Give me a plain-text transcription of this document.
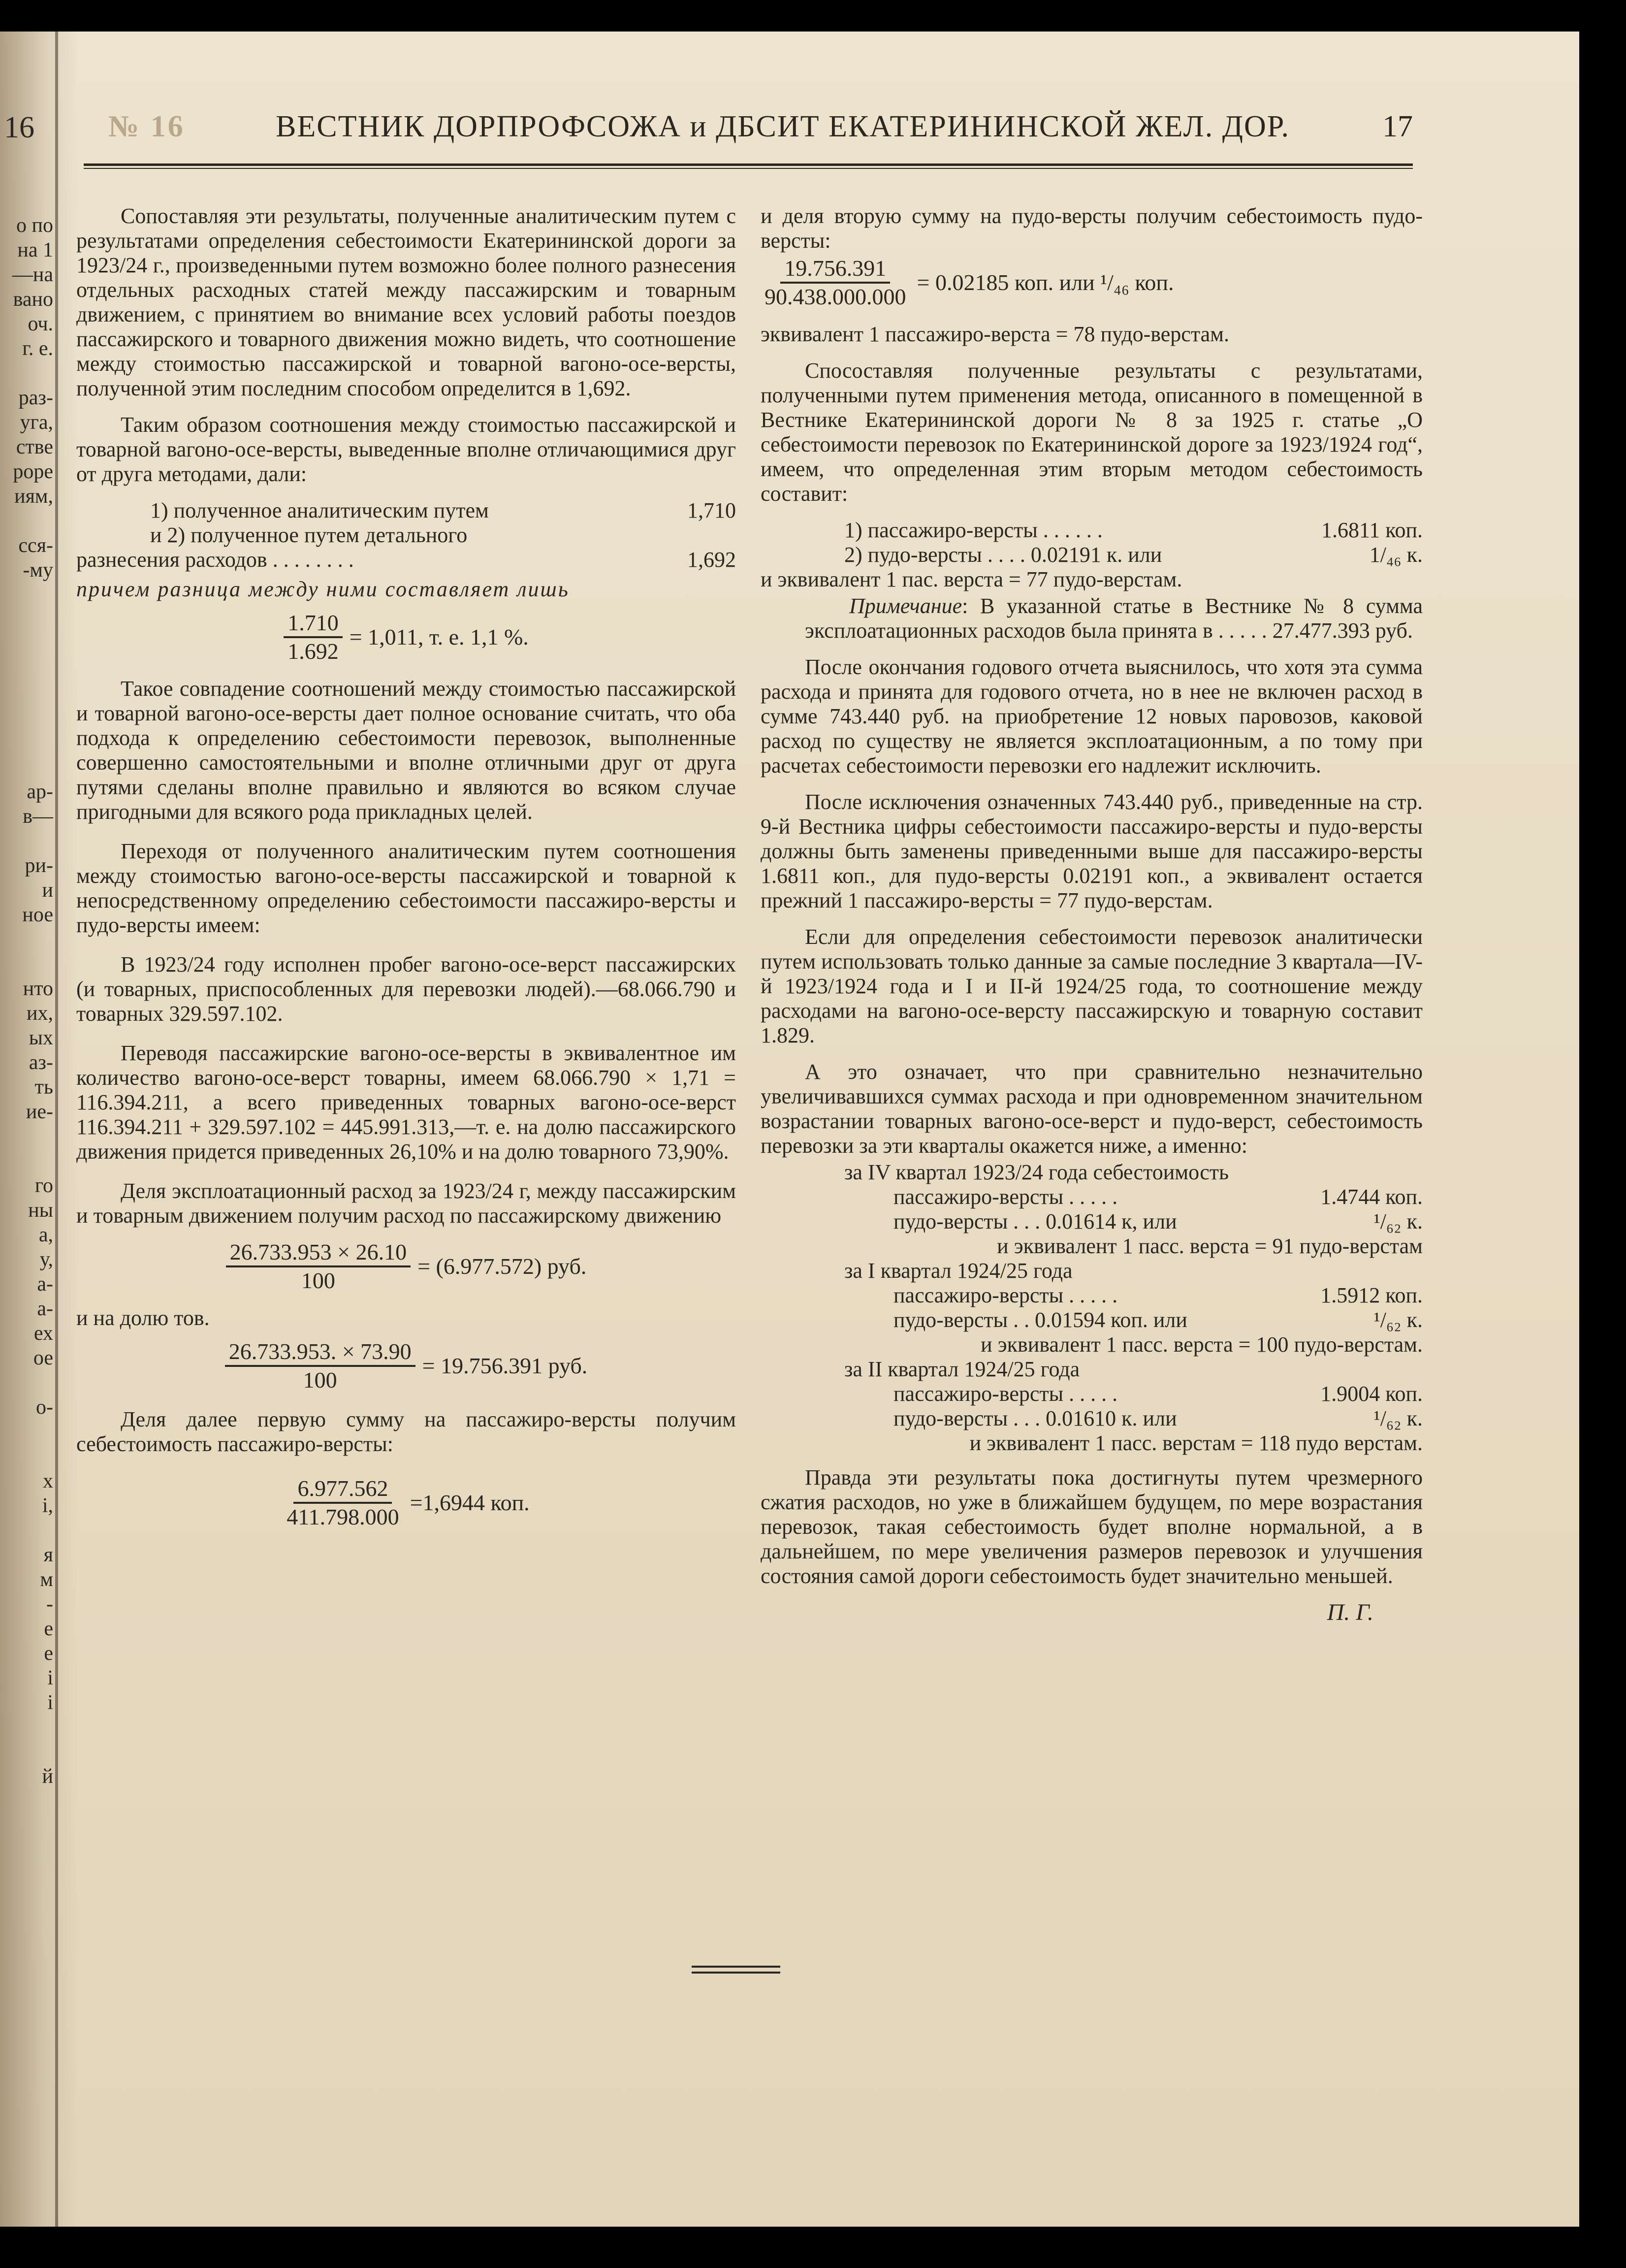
16
о по
на 1
—на
вано
оч.
г. е.
раз-
уга,
стве
роре
иям,
сся-
-му
ар-
в—
ри-
и
ное
нто
их,
ых
аз-
ть
ие-
го
ны
а,
у,
а-
а-
ех
ое
о-
х
і,
я
м
-
е
е
і
і
й
№ 16	ВЕСТНИК ДОРПРОФСОЖА и ДБСИТ ЕКАТЕРИНИНСКОЙ ЖЕЛ. ДОР.	17

Сопоставляя эти результаты, полученные аналитическим путем с результатами определения себестоимости Екатерининской дороги за 1923/24 г., произведенными путем возможно более полного разнесения отдельных расходных статей между пассажирским и товарным движением, с принятием во внимание всех условий работы поездов пассажирского и товарного движения можно видеть, что соотношение между стоимостью пассажирской и товарной вагоно-осе-версты, полученной этим последним способом определится в 1,692.

Таким образом соотношения между стоимостью пассажирской и товарной вагоно-осе-версты, выведенные вполне отличающимися друг от друга методами, дали:

1) полученное аналитическим путем	1,710
и 2) полученное путем детального
разнесения расходов . . . . . . . .	1,692
причем разница между ними составляет лишь
$\frac{1.710}{1.692} = 1,011$, т. е. 1,1 %.

Такое совпадение соотношений между стоимостью пассажирской и товарной вагоно-осе-версты дает полное основание считать, что оба подхода к определению себестоимости перевозок, выполненные совершенно самостоятельными и вполне отличными друг от друга путями сделаны вполне правильно и являются во всяком случае пригодными для всякого рода прикладных целей.

Переходя от полученного аналитическим путем соотношения между стоимостью вагоно-осе-версты пассажирской и товарной к непосредственному определению себестоимости пассажиро-версты и пудо-версты имеем:

В 1923/24 году исполнен пробег вагоно-осе-верст пассажирских (и товарных, приспособленных для перевозки людей).—68.066.790 и товарных 329.597.102.

Переводя пассажирские вагоно-осе-версты в эквивалентное им количество вагоно-осе-верст товарны, имеем 68.066.790 × 1,71 = 116.394.211, а всего приведенных товарных вагоно-осе-верст 116.394.211 + 329.597.102 = 445.991.313,—т. е. на долю пассажирского движения придется приведенных 26,10% и на долю товарного 73,90%.

Деля эксплоатационный расход за 1923/24 г, между пассажирским и товарным движением получим расход по пассажирскому движению

$\frac{26.733.953 \times 26.10}{100} = (6.977.572)$ руб.
и на долю тов.
$\frac{26.733.953. \times 73.90}{100} = 19.756.391$ руб.

Деля далее первую сумму на пассажиро-версты получим себестоимость пассажиро-версты:

$\frac{6.977.562}{411.798.000} =1,6944$ коп.

и деля вторую сумму на пудо-версты получим себестоимость пудо-версты:

$\frac{19.756.391}{90.438.000.000} = 0.02185$ коп. или ¹/₄₆ коп.

эквивалент 1 пассажиро-верста = 78 пудо-верстам.

Спосоставляя полученные результаты с результатами, полученными путем применения метода, описанного в помещенной в Вестнике Екатерининской дороги № 8 за 1925 г. статье „О себестоимости перевозок по Екатерининской дороге за 1923/1924 год“, имеем, что определенная этим вторым методом себестоимость составит:

1) пассажиро-версты . . . . . .	1.6811 коп.
2) пудо-версты . . . . 0.02191 к. или	1/₄₆ к.
и эквивалент 1 пас. верста = 77 пудо-верстам.

Примечание: В указанной статье в Вестнике № 8 сумма эксплоатационных расходов была принята в . . . . . 27.477.393 руб.

После окончания годового отчета выяснилось, что хотя эта сумма расхода и принята для годового отчета, но в нее не включен расход в сумме 743.440 руб. на приобретение 12 новых паровозов, каковой расход по существу не является эксплоатационным, а по тому при расчетах себестоимости перевозки его надлежит исключить.

После исключения означенных 743.440 руб., приведенные на стр. 9-й Вестника цифры себестоимости пассажиро-версты и пудо-версты должны быть заменены приведенными выше для пассажиро-версты 1.6811 коп., для пудо-версты 0.02191 коп., а эквивалент остается прежний 1 пассажиро-версты = 77 пудо-верстам.

Если для определения себестоимости перевозок аналитически путем использовать только данные за самые последние 3 квартала—IV-й 1923/1924 года и I и II-й 1924/25 года, то соотношение между расходами на вагоно-осе-версту пассажирскую и товарную составит 1.829.

А это означает, что при сравнительно незначительно увеличивавшихся суммах расхода и при одновременном значительном возрастании товарных вагоно-осе-верст и пудо-верст, себестоимость перевозки за эти кварталы окажется ниже, а именно:

за IV квартал 1923/24 года себестоимость
пассажиро-версты . . . . .	1.4744 коп.
пудо-версты . . . 0.01614 к, или	¹/₆₂ к.
и эквивалент 1 пасс. верста = 91 пудо-верстам
за I квартал 1924/25 года
пассажиро-версты . . . . .	1.5912 коп.
пудо-версты . . 0.01594 коп. или	¹/₆₂ к.
и эквивалент 1 пасс. верста = 100 пудо-верстам.
за II квартал 1924/25 года
пассажиро-версты . . . . .	1.9004 коп.
пудо-версты . . . 0.01610 к. или	¹/₆₂ к.
и эквивалент 1 пасс. верстам = 118 пудо верстам.

Правда эти результаты пока достигнуты путем чрезмерного сжатия расходов, но уже в ближайшем будущем, по мере возрастания перевозок, такая себестоимость будет вполне нормальной, а в дальнейшем, по мере увеличения размеров перевозок и улучшения состояния самой дороги себестоимость будет значительно меньшей.

П. Г.
